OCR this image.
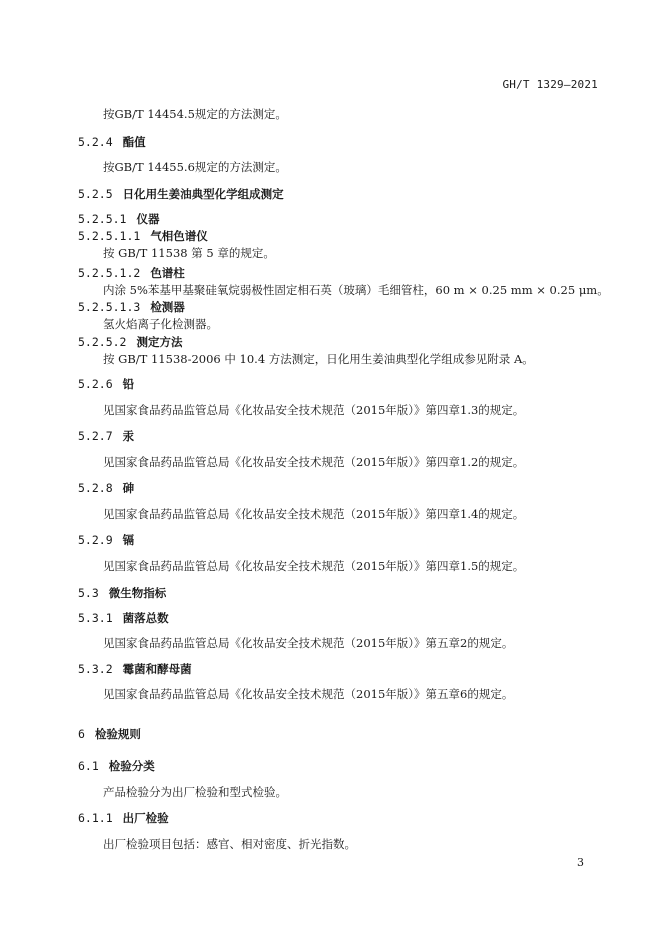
GH/T 1329—2021
按GB/T 14454.5规定的方法测定。
5.2.4 酯值
按GB/T 14455.6规定的方法测定。
5.2.5 日化用生姜油典型化学组成测定
5.2.5.1 仪器
5.2.5.1.1 气相色谱仪
按 GB/T 11538 第 5 章的规定。
5.2.5.1.2 色谱柱
内涂 5%苯基甲基聚硅氧烷弱极性固定相石英（玻璃）毛细管柱，60 m × 0.25 mm × 0.25 μm。
5.2.5.1.3 检测器
氢火焰离子化检测器。
5.2.5.2 测定方法
按 GB/T 11538-2006 中 10.4 方法测定，日化用生姜油典型化学组成参见附录 A。
5.2.6 铅
见国家食品药品监管总局《化妆品安全技术规范（2015年版）》第四章1.3的规定。
5.2.7 汞
见国家食品药品监管总局《化妆品安全技术规范（2015年版）》第四章1.2的规定。
5.2.8 砷
见国家食品药品监管总局《化妆品安全技术规范（2015年版）》第四章1.4的规定。
5.2.9 镉
见国家食品药品监管总局《化妆品安全技术规范（2015年版）》第四章1.5的规定。
5.3 微生物指标
5.3.1 菌落总数
见国家食品药品监管总局《化妆品安全技术规范（2015年版）》第五章2的规定。
5.3.2 霉菌和酵母菌
见国家食品药品监管总局《化妆品安全技术规范（2015年版）》第五章6的规定。
6 检验规则
6.1 检验分类
产品检验分为出厂检验和型式检验。
6.1.1 出厂检验
出厂检验项目包括：感官、相对密度、折光指数。
3
